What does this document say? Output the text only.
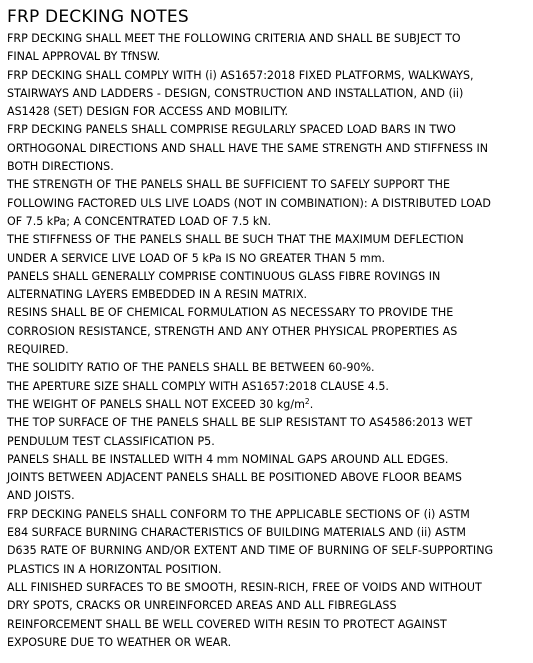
FRP DECKING NOTES
FRP DECKING SHALL MEET THE FOLLOWING CRITERIA AND SHALL BE SUBJECT TO
FINAL APPROVAL BY TfNSW.
FRP DECKING SHALL COMPLY WITH (i) AS1657:2018 FIXED PLATFORMS, WALKWAYS,
STAIRWAYS AND LADDERS - DESIGN, CONSTRUCTION AND INSTALLATION, AND (ii)
AS1428 (SET) DESIGN FOR ACCESS AND MOBILITY.
FRP DECKING PANELS SHALL COMPRISE REGULARLY SPACED LOAD BARS IN TWO
ORTHOGONAL DIRECTIONS AND SHALL HAVE THE SAME STRENGTH AND STIFFNESS IN
BOTH DIRECTIONS.
THE STRENGTH OF THE PANELS SHALL BE SUFFICIENT TO SAFELY SUPPORT THE
FOLLOWING FACTORED ULS LIVE LOADS (NOT IN COMBINATION): A DISTRIBUTED LOAD
OF 7.5 kPa; A CONCENTRATED LOAD OF 7.5 kN.
THE STIFFNESS OF THE PANELS SHALL BE SUCH THAT THE MAXIMUM DEFLECTION
UNDER A SERVICE LIVE LOAD OF 5 kPa IS NO GREATER THAN 5 mm.
PANELS SHALL GENERALLY COMPRISE CONTINUOUS GLASS FIBRE ROVINGS IN
ALTERNATING LAYERS EMBEDDED IN A RESIN MATRIX.
RESINS SHALL BE OF CHEMICAL FORMULATION AS NECESSARY TO PROVIDE THE
CORROSION RESISTANCE, STRENGTH AND ANY OTHER PHYSICAL PROPERTIES AS
REQUIRED.
THE SOLIDITY RATIO OF THE PANELS SHALL BE BETWEEN 60-90%.
THE APERTURE SIZE SHALL COMPLY WITH AS1657:2018 CLAUSE 4.5.
THE WEIGHT OF PANELS SHALL NOT EXCEED 30 $kg/m^2$.
THE TOP SURFACE OF THE PANELS SHALL BE SLIP RESISTANT TO AS4586:2013 WET
PENDULUM TEST CLASSIFICATION P5.
PANELS SHALL BE INSTALLED WITH 4 mm NOMINAL GAPS AROUND ALL EDGES.
JOINTS BETWEEN ADJACENT PANELS SHALL BE POSITIONED ABOVE FLOOR BEAMS
AND JOISTS.
FRP DECKING PANELS SHALL CONFORM TO THE APPLICABLE SECTIONS OF (i) ASTM
E84 SURFACE BURNING CHARACTERISTICS OF BUILDING MATERIALS AND (ii) ASTM
D635 RATE OF BURNING AND/OR EXTENT AND TIME OF BURNING OF SELF-SUPPORTING
PLASTICS IN A HORIZONTAL POSITION.
ALL FINISHED SURFACES TO BE SMOOTH, RESIN-RICH, FREE OF VOIDS AND WITHOUT
DRY SPOTS, CRACKS OR UNREINFORCED AREAS AND ALL FIBREGLASS
REINFORCEMENT SHALL BE WELL COVERED WITH RESIN TO PROTECT AGAINST
EXPOSURE DUE TO WEATHER OR WEAR.
